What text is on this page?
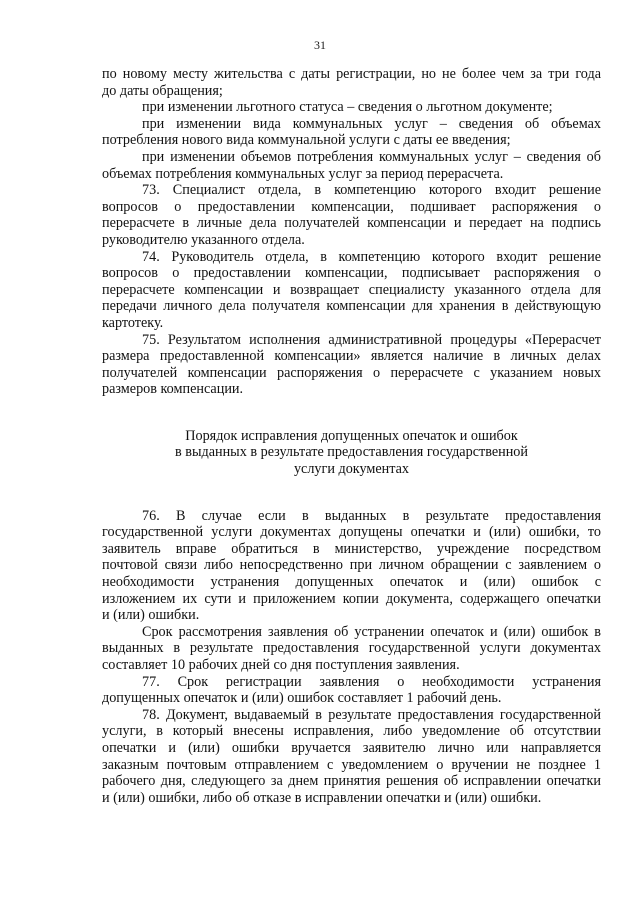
31
по новому месту жительства с даты регистрации, но не более чем за три года
до даты обращения;
при изменении льготного статуса – сведения о льготном документе;
при изменении вида коммунальных услуг – сведения об объемах
потребления нового вида коммунальной услуги с даты ее введения;
при изменении объемов потребления коммунальных услуг – сведения об
объемах потребления коммунальных услуг за период перерасчета.
73. Специалист отдела, в компетенцию которого входит решение
вопросов о предоставлении компенсации, подшивает распоряжения о
перерасчете в личные дела получателей компенсации и передает на подпись
руководителю указанного отдела.
74. Руководитель отдела, в компетенцию которого входит решение
вопросов о предоставлении компенсации, подписывает распоряжения о
перерасчете компенсации и возвращает специалисту указанного отдела для
передачи личного дела получателя компенсации для хранения в действующую
картотеку.
75. Результатом исполнения административной процедуры «Перерасчет
размера предоставленной компенсации» является наличие в личных делах
получателей компенсации распоряжения о перерасчете с указанием новых
размеров компенсации.
Порядок исправления допущенных опечаток и ошибок
в выданных в результате предоставления государственной
услуги документах
76. В случае если в выданных в результате предоставления
государственной услуги документах допущены опечатки и (или) ошибки, то
заявитель вправе обратиться в министерство, учреждение посредством
почтовой связи либо непосредственно при личном обращении с заявлением о
необходимости устранения допущенных опечаток и (или) ошибок с
изложением их сути и приложением копии документа, содержащего опечатки
и (или) ошибки.
Срок рассмотрения заявления об устранении опечаток и (или) ошибок в
выданных в результате предоставления государственной услуги документах
составляет 10 рабочих дней со дня поступления заявления.
77. Срок регистрации заявления о необходимости устранения
допущенных опечаток и (или) ошибок составляет 1 рабочий день.
78. Документ, выдаваемый в результате предоставления государственной
услуги, в который внесены исправления, либо уведомление об отсутствии
опечатки и (или) ошибки вручается заявителю лично или направляется
заказным почтовым отправлением с уведомлением о вручении не позднее 1
рабочего дня, следующего за днем принятия решения об исправлении опечатки
и (или) ошибки, либо об отказе в исправлении опечатки и (или) ошибки.
